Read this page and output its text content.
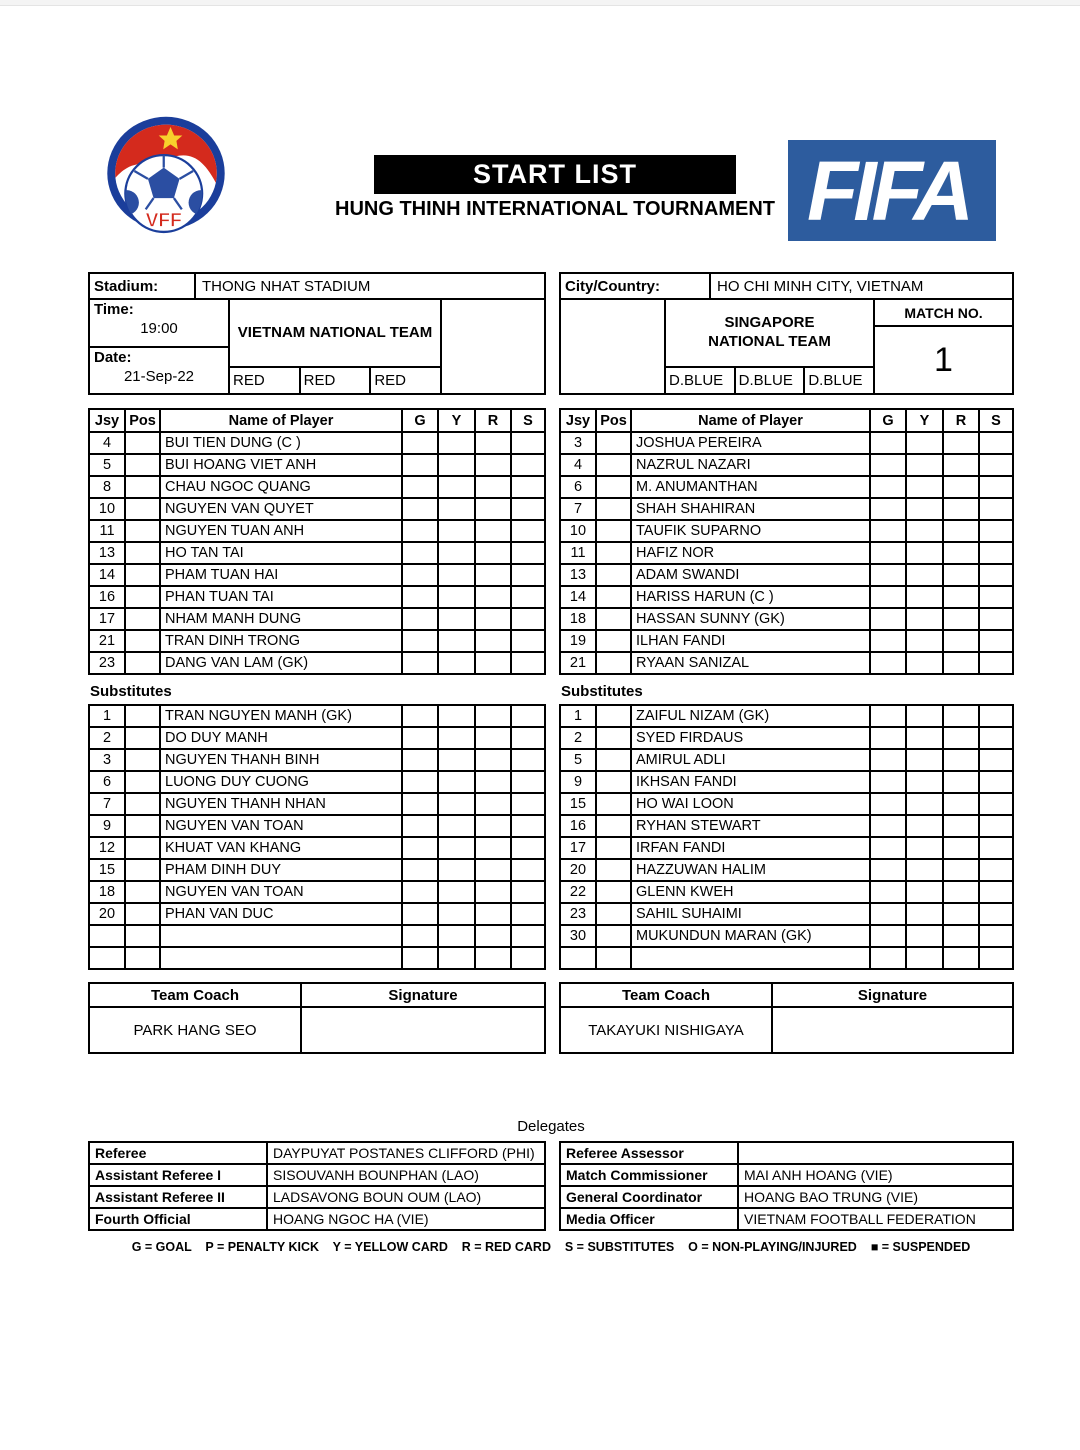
VFF
START LIST
HUNG THINH INTERNATIONAL TOURNAMENT FIFA
Stadium:	THONG NHAT STADIUM
Time:
19:00
Date:
21-Sep-22
VIETNAM NATIONAL TEAM
RED	RED	RED
Jsy	Pos	Name of Player	G	Y	R	S
4		BUI TIEN DUNG (C )				
5		BUI HOANG VIET ANH				
8		CHAU NGOC QUANG				
10		NGUYEN VAN QUYET				
11		NGUYEN TUAN ANH				
13		HO TAN TAI				
14		PHAM TUAN HAI				
16		PHAN TUAN TAI				
17		NHAM MANH DUNG				
21		TRAN DINH TRONG				
23		DANG VAN LAM (GK)				
Substitutes
1		TRAN NGUYEN MANH (GK)				
2		DO DUY MANH				
3		NGUYEN THANH BINH				
6		LUONG DUY CUONG				
7		NGUYEN THANH NHAN				
9		NGUYEN VAN TOAN				
12		KHUAT VAN KHANG				
15		PHAM DINH DUY				
18		NGUYEN VAN TOAN				
20		PHAN VAN DUC				

Team Coach	Signature
PARK HANG SEO	
City/Country:	HO CHI MINH CITY, VIETNAM
SINGAPORE NATIONAL TEAM
D.BLUE	D.BLUE	D.BLUE
MATCH NO.
1
Jsy	Pos	Name of Player	G	Y	R	S
3		JOSHUA PEREIRA				
4		NAZRUL NAZARI				
6		M. ANUMANTHAN				
7		SHAH SHAHIRAN				
10		TAUFIK SUPARNO				
11		HAFIZ NOR				
13		ADAM SWANDI				
14		HARISS HARUN (C )				
18		HASSAN SUNNY (GK)				
19		ILHAN FANDI				
21		RYAAN SANIZAL				
Substitutes
1		ZAIFUL NIZAM (GK)				
2		SYED FIRDAUS				
5		AMIRUL ADLI				
9		IKHSAN FANDI				
15		HO WAI LOON				
16		RYHAN STEWART				
17		IRFAN FANDI				
20		HAZZUWAN HALIM				
22		GLENN KWEH				
23		SAHIL SUHAIMI				
30		MUKUNDUN MARAN (GK)				

Team Coach	Signature
TAKAYUKI NISHIGAYA	
Delegates
Referee	DAYPUYAT POSTANES CLIFFORD (PHI)
Assistant Referee I	SISOUVANH BOUNPHAN (LAO)
Assistant Referee II	LADSAVONG BOUN OUM (LAO)
Fourth Official	HOANG NGOC HA (VIE)
Referee Assessor	
Match Commissioner	MAI ANH HOANG (VIE)
General Coordinator	HOANG BAO TRUNG (VIE)
Media Officer	VIETNAM FOOTBALL FEDERATION
G = GOAL    P = PENALTY KICK    Y = YELLOW CARD    R = RED CARD    S = SUBSTITUTES    O = NON-PLAYING/INJURED    ■ = SUSPENDED
